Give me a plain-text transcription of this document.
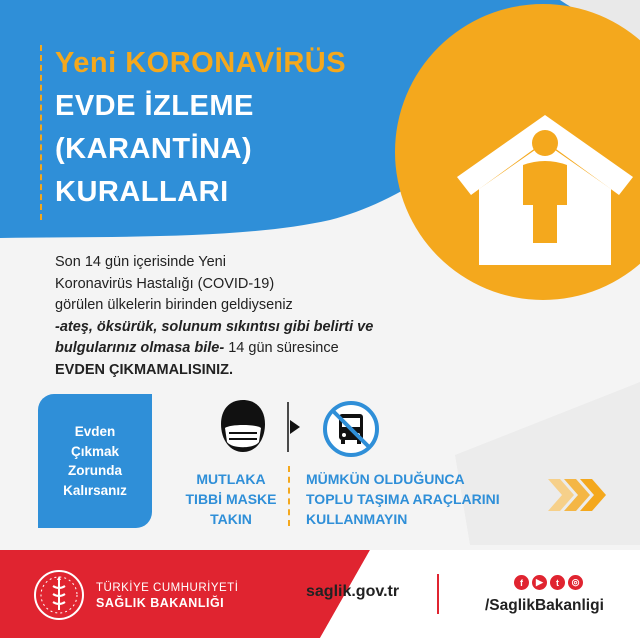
Yeni KORONAVİRÜS
EVDE İZLEME
(KARANTİNA)
KURALLARI

Son 14 gün içerisinde Yeni

Koronavirüs Hastalığı (COVID-19)

görülen ülkelerin birinden geldiyseniz

-ateş, öksürük, solunum sıkıntısı gibi belirti ve

bulgularınız olmasa bile- 14 gün süresince

EVDEN ÇIKMAMALISINIZ.

Evden
Çıkmak
Zorunda
Kalırsanız
MUTLAKA
TIBBİ MASKE
TAKIN
MÜMKÜN OLDUĞUNCA
TOPLU TAŞIMA ARAÇLARINI
KULLANMAYIN
TÜRKİYE CUMHURİYETİ
SAĞLIK BAKANLIĞI
saglik.gov.tr
f	▶	t	◎
/SaglikBakanligi
